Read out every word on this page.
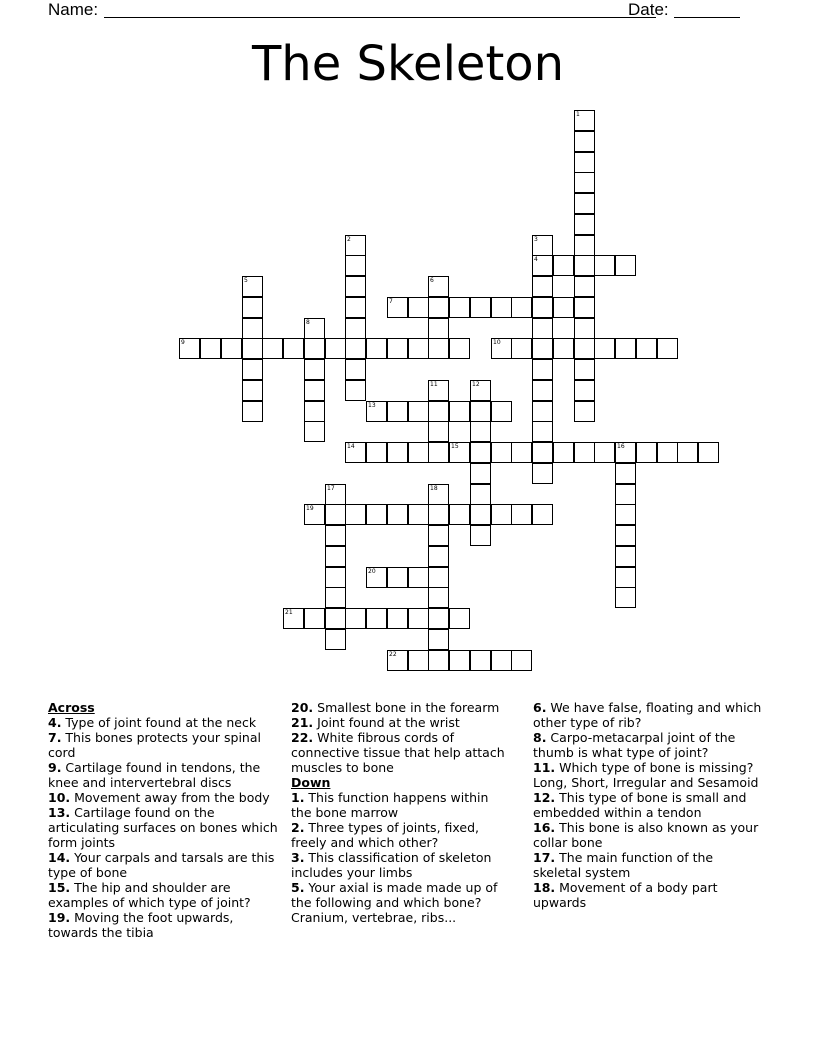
Name:	Date:
The Skeleton
1
2	3
4
5	6
7
8
9	10
11	12
13
14	15	16
17	18
19
20
21
22
Across
4. Type of joint found at the neck
7. This bones protects your spinal cord
9. Cartilage found in tendons, the knee and intervertebral discs
10. Movement away from the body
13. Cartilage found on the articulating surfaces on bones which form joints
14. Your carpals and tarsals are this type of bone
15. The hip and shoulder are examples of which type of joint?
19. Moving the foot upwards, towards the tibia
20. Smallest bone in the forearm
21. Joint found at the wrist
22. White fibrous cords of connective tissue that help attach muscles to bone
Down
1. This function happens within the bone marrow
2. Three types of joints, fixed, freely and which other?
3. This classification of skeleton includes your limbs
5. Your axial is made made up of the following and which bone? Cranium, vertebrae, ribs...
6. We have false, floating and which other type of rib?
8. Carpo-metacarpal joint of the thumb is what type of joint?
11. Which type of bone is missing? Long, Short, Irregular and Sesamoid
12. This type of bone is small and embedded within a tendon
16. This bone is also known as your collar bone
17. The main function of the skeletal system
18. Movement of a body part upwards
